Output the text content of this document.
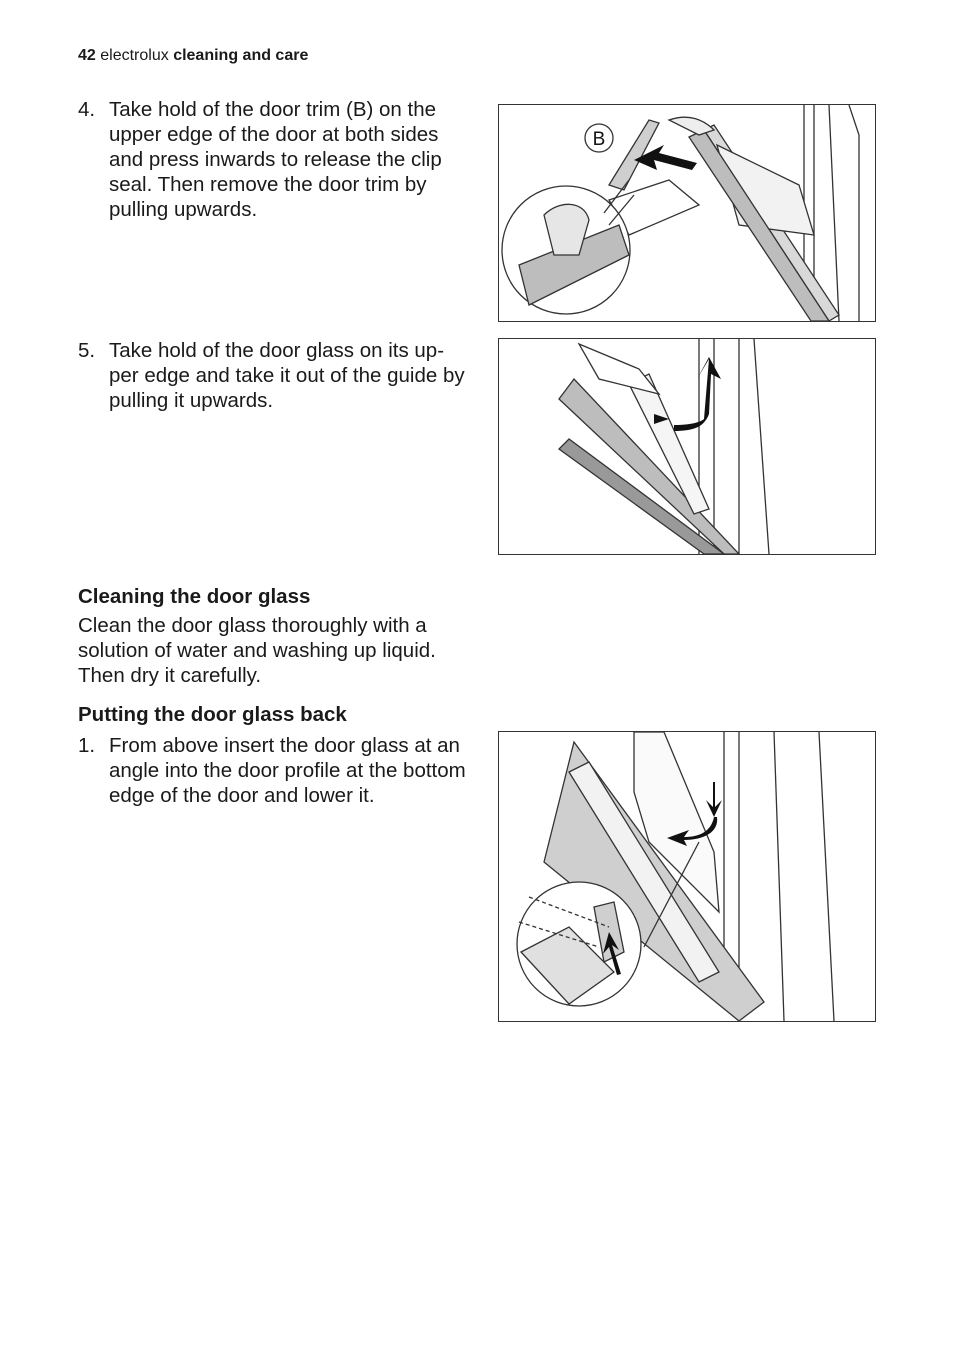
42 electrolux cleaning and care
4. Take hold of the door trim (B) on the upper edge of the door at both sides and press inwards to release the clip seal. Then remove the door trim by pulling upwards.
B
5. Take hold of the door glass on its up-per edge and take it out of the guide by pulling it upwards.
Cleaning the door glass
Clean the door glass thoroughly with a solution of water and washing up liquid. Then dry it carefully.
Putting the door glass back
1. From above insert the door glass at an angle into the door profile at the bottom edge of the door and lower it.
